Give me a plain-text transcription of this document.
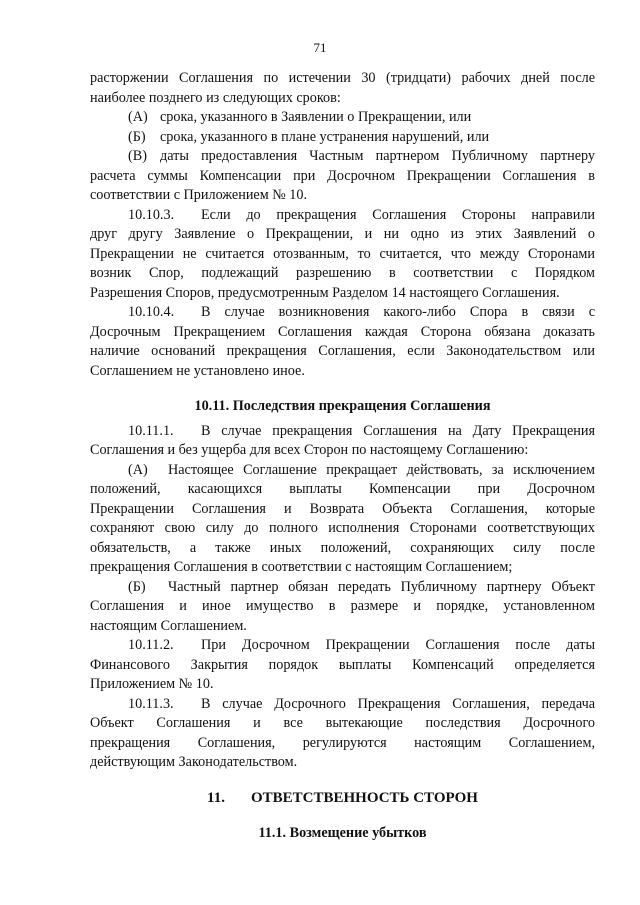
71

расторжении Соглашения по истечении 30 (тридцати) рабочих дней после

наиболее позднего из следующих сроков:

(А) срока, указанного в Заявлении о Прекращении, или
(Б)	срока, указанного в плане устранения нарушений, или
(В) даты предоставления Частным партнером Публичному партнеру

расчета суммы Компенсации при Досрочном Прекращении Соглашения в

соответствии с Приложением № 10.

10.10.3. Если до прекращения Соглашения Стороны направили

друг другу Заявление о Прекращении, и ни одно из этих Заявлений о

Прекращении не считается отозванным, то считается, что между Сторонами

возник Спор, подлежащий разрешению в соответствии с Порядком

Разрешения Споров, предусмотренным Разделом 14 настоящего Соглашения.

10.10.4. В случае возникновения какого-либо Спора в связи с

Досрочным Прекращением Соглашения каждая Сторона обязана доказать

наличие оснований прекращения Соглашения, если Законодательством или

Соглашением не установлено иное.

10.11. Последствия прекращения Соглашения

10.11.1. В случае прекращения Соглашения на Дату Прекращения

Соглашения и без ущерба для всех Сторон по настоящему Соглашению:

(А)	Настоящее Соглашение прекращает действовать, за исключением

положений, касающихся выплаты Компенсации при Досрочном

Прекращении Соглашения и Возврата Объекта Соглашения, которые

сохраняют свою силу до полного исполнения Сторонами соответствующих

обязательств, а также иных положений, сохраняющих силу после

прекращения Соглашения в соответствии с настоящим Соглашением;

(Б)	Частный партнер обязан передать Публичному партнеру Объект

Соглашения и иное имущество в размере и порядке, установленном

настоящим Соглашением.

10.11.2. При Досрочном Прекращении Соглашения после даты

Финансового Закрытия порядок выплаты Компенсаций определяется

Приложением № 10.

10.11.3. В случае Досрочного Прекращения Соглашения, передача

Объект Соглашения и все вытекающие последствия Досрочного

прекращения Соглашения, регулируются настоящим Соглашением,

действующим Законодательством.

11. ОТВЕТСТВЕННОСТЬ СТОРОН
11.1. Возмещение убытков
